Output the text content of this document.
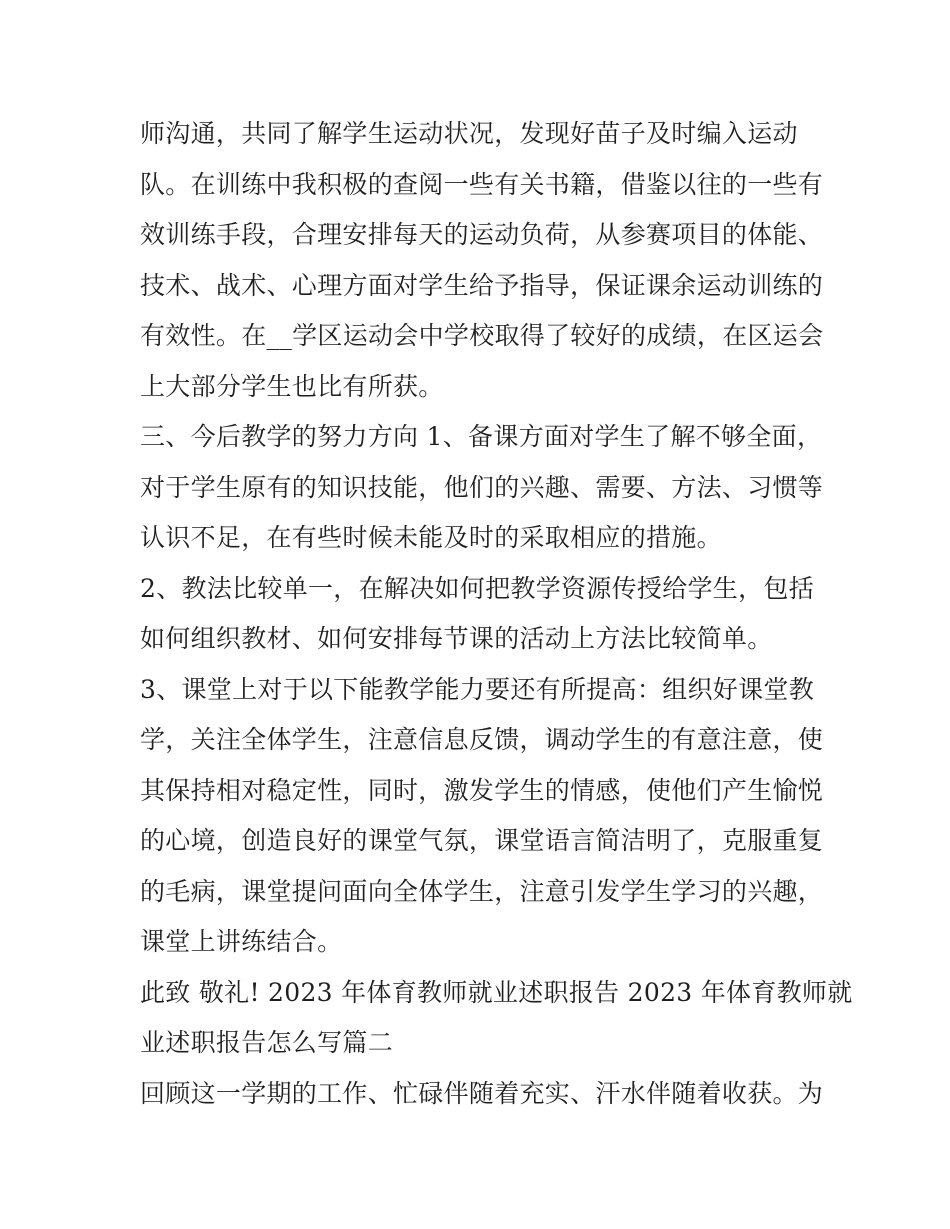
师沟通，共同了解学生运动状况，发现好苗子及时编入运动
队。在训练中我积极的查阅一些有关书籍，借鉴以往的一些有
效训练手段，合理安排每天的运动负荷，从参赛项目的体能、
技术、战术、心理方面对学生给予指导，保证课余运动训练的
有效性。在__学区运动会中学校取得了较好的成绩，在区运会
上大部分学生也比有所获。
三、今后教学的努力方向 1、备课方面对学生了解不够全面，
对于学生原有的知识技能，他们的兴趣、需要、方法、习惯等
认识不足，在有些时候未能及时的采取相应的措施。
2、教法比较单一，在解决如何把教学资源传授给学生，包括
如何组织教材、如何安排每节课的活动上方法比较简单。
3、课堂上对于以下能教学能力要还有所提高：组织好课堂教
学，关注全体学生，注意信息反馈，调动学生的有意注意，使
其保持相对稳定性，同时，激发学生的情感，使他们产生愉悦
的心境，创造良好的课堂气氛，课堂语言简洁明了，克服重复
的毛病，课堂提问面向全体学生，注意引发学生学习的兴趣，
课堂上讲练结合。
此致 敬礼! 2023 年体育教师就业述职报告 2023 年体育教师就
业述职报告怎么写篇二
回顾这一学期的工作、忙碌伴随着充实、汗水伴随着收获。为
